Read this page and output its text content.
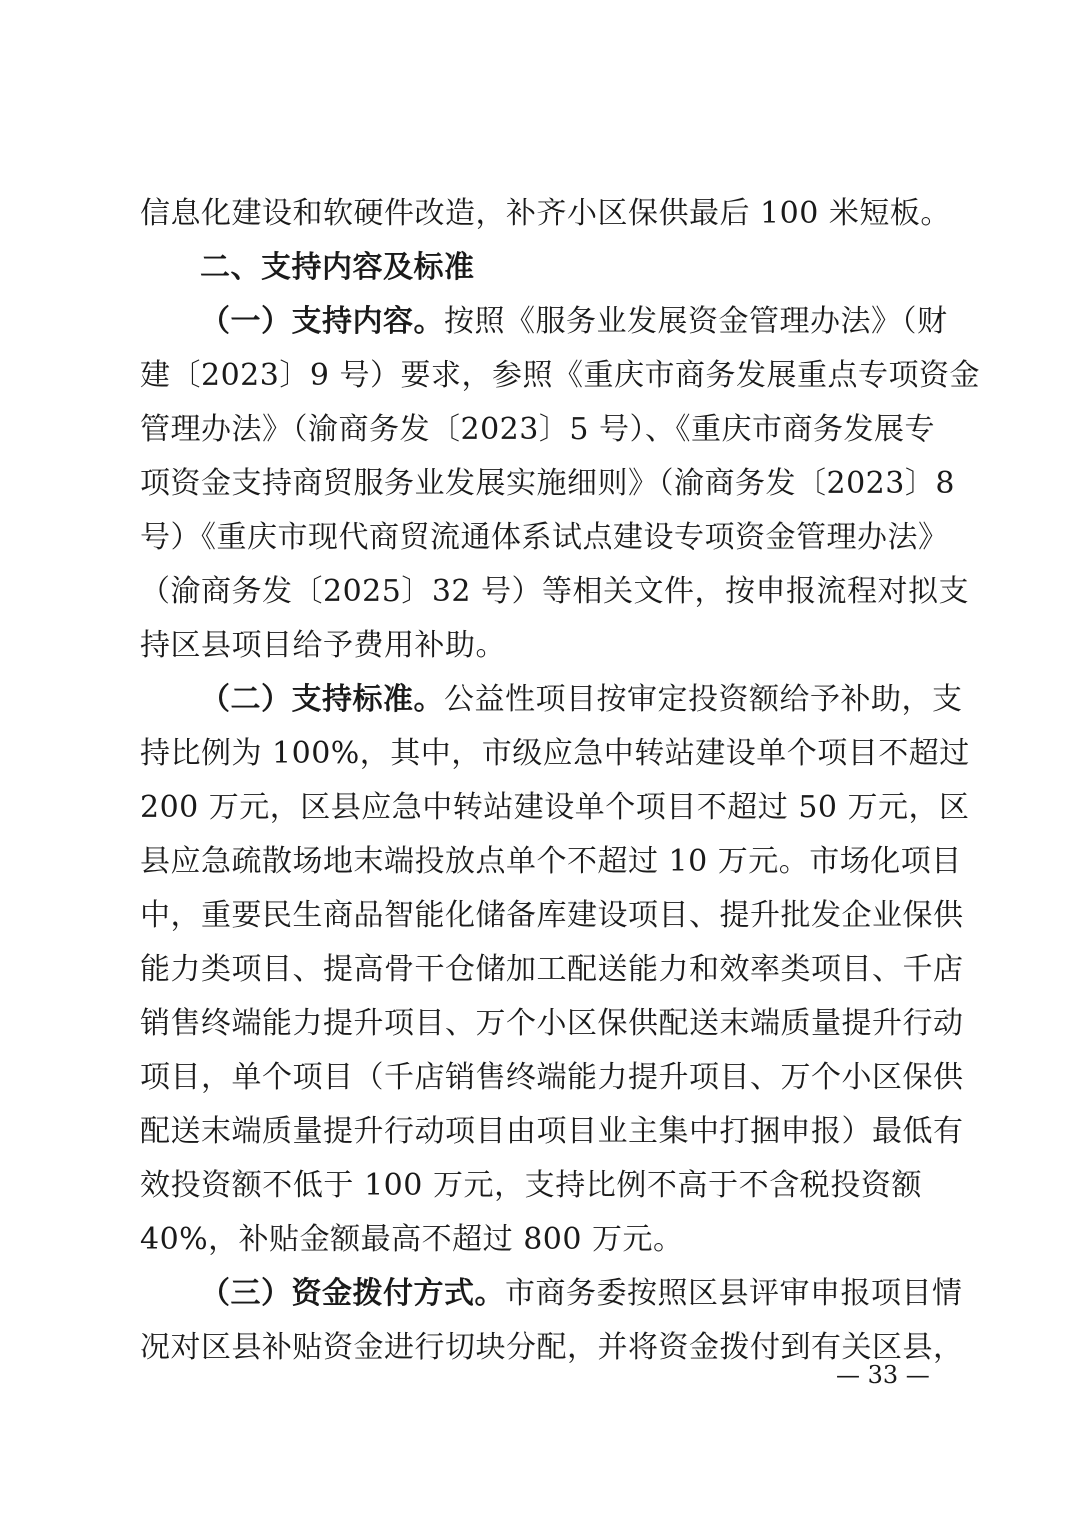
信息化建设和软硬件改造，补齐小区保供最后 100 米短板。
二、支持内容及标准
（一）支持内容。按照《服务业发展资金管理办法》（财
建〔2023〕9 号）要求，参照《重庆市商务发展重点专项资金
管理办法》（渝商务发〔2023〕5 号）、《重庆市商务发展专
项资金支持商贸服务业发展实施细则》（渝商务发〔2023〕8
号）《重庆市现代商贸流通体系试点建设专项资金管理办法》
（渝商务发〔2025〕32 号）等相关文件，按申报流程对拟支
持区县项目给予费用补助。
（二）支持标准。公益性项目按审定投资额给予补助，支
持比例为 100%，其中，市级应急中转站建设单个项目不超过
200 万元，区县应急中转站建设单个项目不超过 50 万元，区
县应急疏散场地末端投放点单个不超过 10 万元。市场化项目
中，重要民生商品智能化储备库建设项目、提升批发企业保供
能力类项目、提高骨干仓储加工配送能力和效率类项目、千店
销售终端能力提升项目、万个小区保供配送末端质量提升行动
项目，单个项目（千店销售终端能力提升项目、万个小区保供
配送末端质量提升行动项目由项目业主集中打捆申报）最低有
效投资额不低于 100 万元，支持比例不高于不含税投资额
40%，补贴金额最高不超过 800 万元。
（三）资金拨付方式。市商务委按照区县评审申报项目情
况对区县补贴资金进行切块分配，并将资金拨付到有关区县，
— 33 —
